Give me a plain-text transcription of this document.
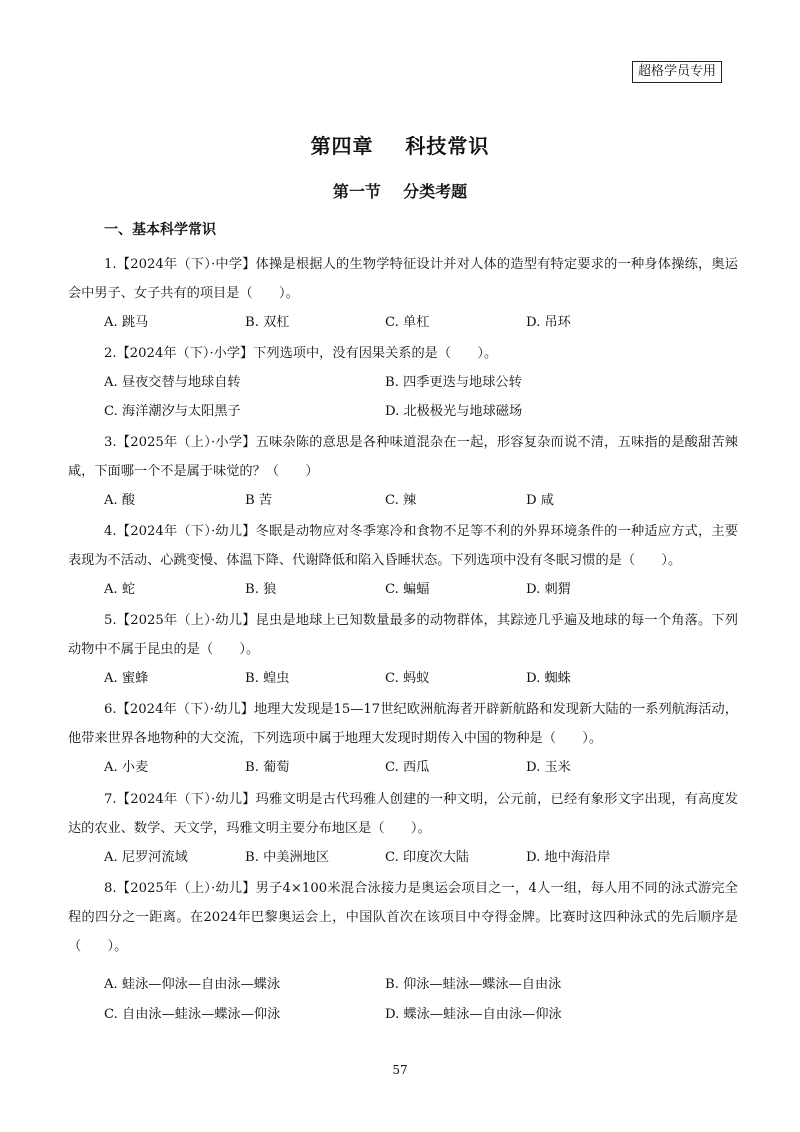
超格学员专用
第四章    科技常识
第一节    分类考题
一、基本科学常识
1.【2024年（下）·中学】体操是根据人的生物学特征设计并对人体的造型有特定要求的一种身体操练，奥运会中男子、女子共有的项目是（　　）。
A. 跳马	B. 双杠	C. 单杠	D. 吊环
2.【2024年（下）·小学】下列选项中，没有因果关系的是（　　）。
A. 昼夜交替与地球自转	B. 四季更迭与地球公转
C. 海洋潮汐与太阳黑子	D. 北极极光与地球磁场
3.【2025年（上）·小学】五味杂陈的意思是各种味道混杂在一起，形容复杂而说不清，五味指的是酸甜苦辣咸，下面哪一个不是属于味觉的？（　　）
A. 酸	B 苦	C. 辣	D 咸
4.【2024年（下）·幼儿】冬眠是动物应对冬季寒冷和食物不足等不利的外界环境条件的一种适应方式，主要表现为不活动、心跳变慢、体温下降、代谢降低和陷入昏睡状态。下列选项中没有冬眠习惯的是（　　）。
A. 蛇	B. 狼	C. 蝙蝠	D. 刺猬
5.【2025年（上）·幼儿】昆虫是地球上已知数量最多的动物群体，其踪迹几乎遍及地球的每一个角落。下列动物中不属于昆虫的是（　　）。
A. 蜜蜂	B. 蝗虫	C. 蚂蚁	D. 蜘蛛
6.【2024年（下）·幼儿】地理大发现是15—17世纪欧洲航海者开辟新航路和发现新大陆的一系列航海活动，他带来世界各地物种的大交流，下列选项中属于地理大发现时期传入中国的物种是（　　）。
A. 小麦	B. 葡萄	C. 西瓜	D. 玉米
7.【2024年（下）·幼儿】玛雅文明是古代玛雅人创建的一种文明，公元前，已经有象形文字出现，有高度发达的农业、数学、天文学，玛雅文明主要分布地区是（　　）。
A. 尼罗河流域	B. 中美洲地区	C. 印度次大陆	D. 地中海沿岸
8.【2025年（上）·幼儿】男子4×100米混合泳接力是奥运会项目之一，4人一组，每人用不同的泳式游完全程的四分之一距离。在2024年巴黎奥运会上，中国队首次在该项目中夺得金牌。比赛时这四种泳式的先后顺序是（　　）。
A. 蛙泳—仰泳—自由泳—蝶泳	B. 仰泳—蛙泳—蝶泳—自由泳
C. 自由泳—蛙泳—蝶泳—仰泳	D. 蝶泳—蛙泳—自由泳—仰泳
57
